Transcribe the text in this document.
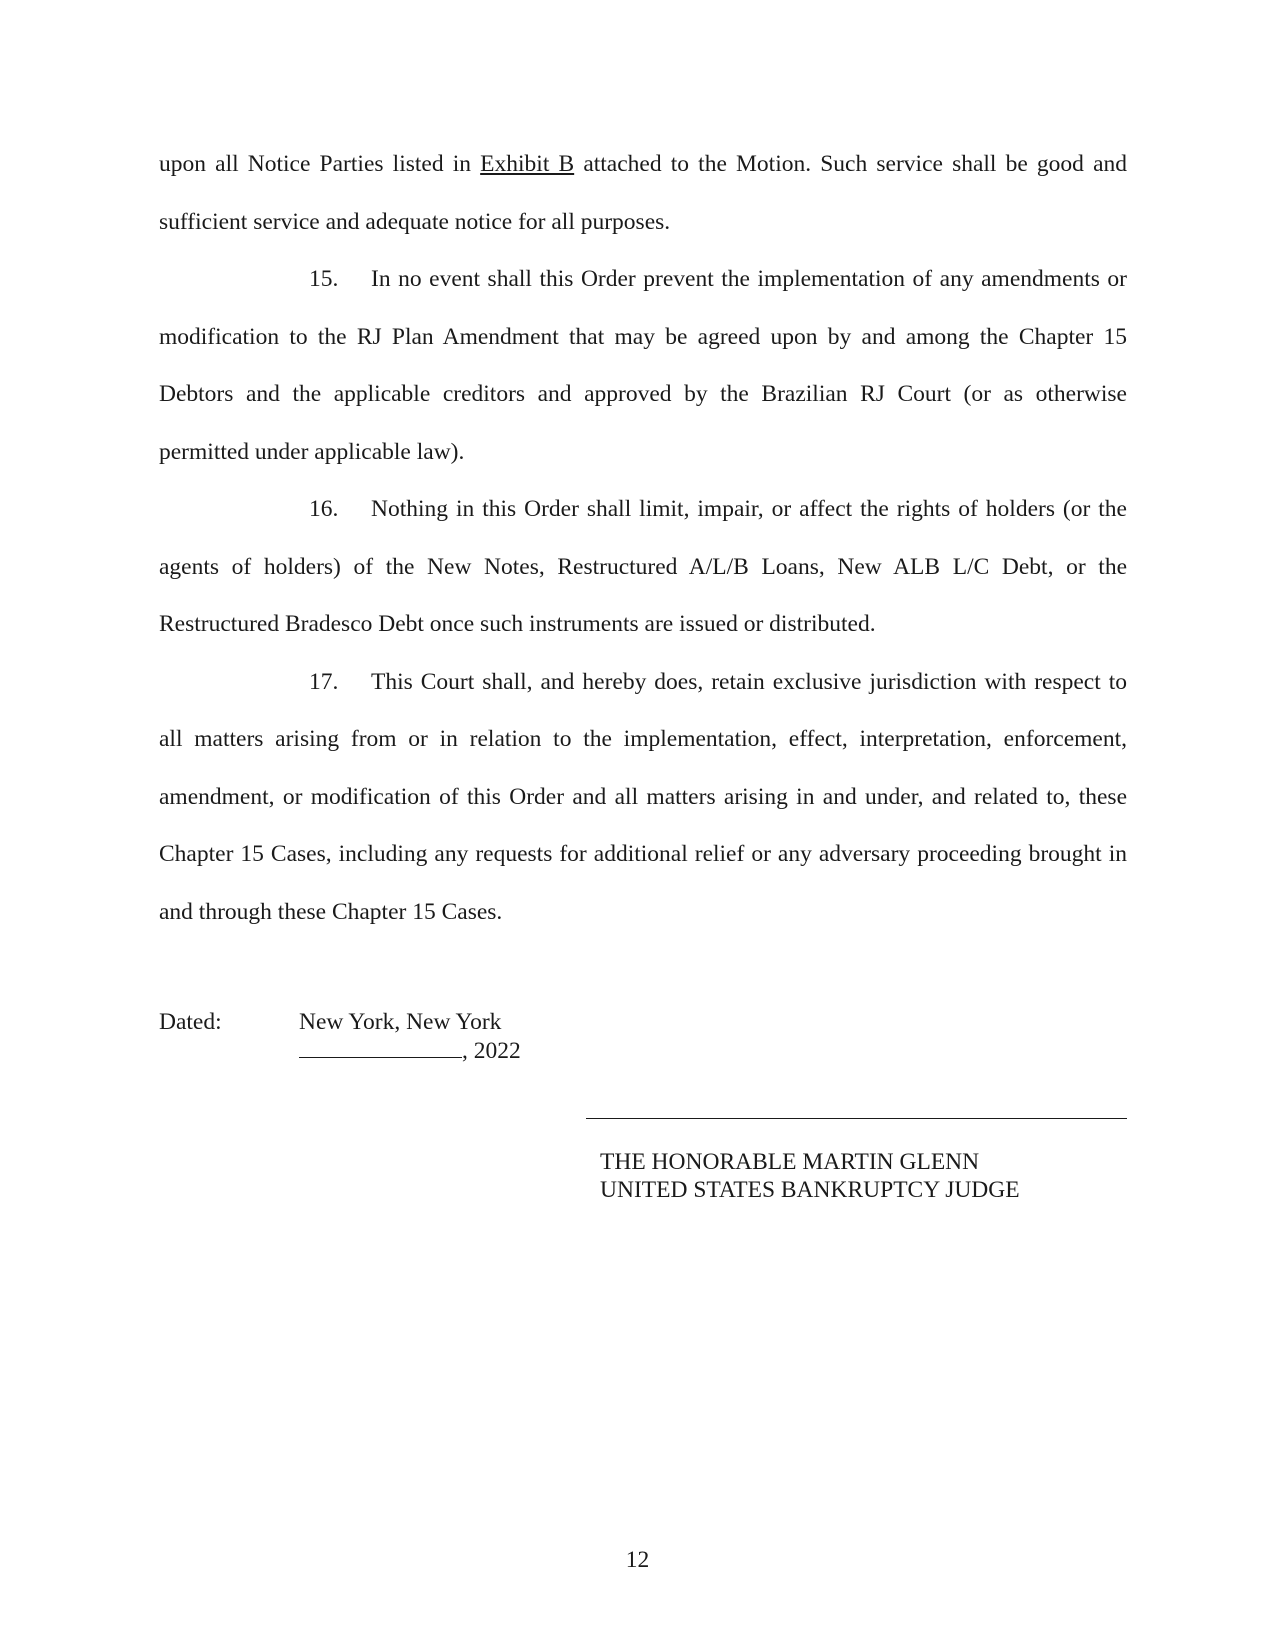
upon all Notice Parties listed in Exhibit B attached to the Motion. Such service shall be good and sufficient service and adequate notice for all purposes.

15. In no event shall this Order prevent the implementation of any amendments or modification to the RJ Plan Amendment that may be agreed upon by and among the Chapter 15 Debtors and the applicable creditors and approved by the Brazilian RJ Court (or as otherwise permitted under applicable law).

16. Nothing in this Order shall limit, impair, or affect the rights of holders (or the agents of holders) of the New Notes, Restructured A/L/B Loans, New ALB L/C Debt, or the Restructured Bradesco Debt once such instruments are issued or distributed.

17. This Court shall, and hereby does, retain exclusive jurisdiction with respect to all matters arising from or in relation to the implementation, effect, interpretation, enforcement, amendment, or modification of this Order and all matters arising in and under, and related to, these Chapter 15 Cases, including any requests for additional relief or any adversary proceeding brought in and through these Chapter 15 Cases.

Dated:	New York, New York
, 2022
THE HONORABLE MARTIN GLENN
UNITED STATES BANKRUPTCY JUDGE
12
